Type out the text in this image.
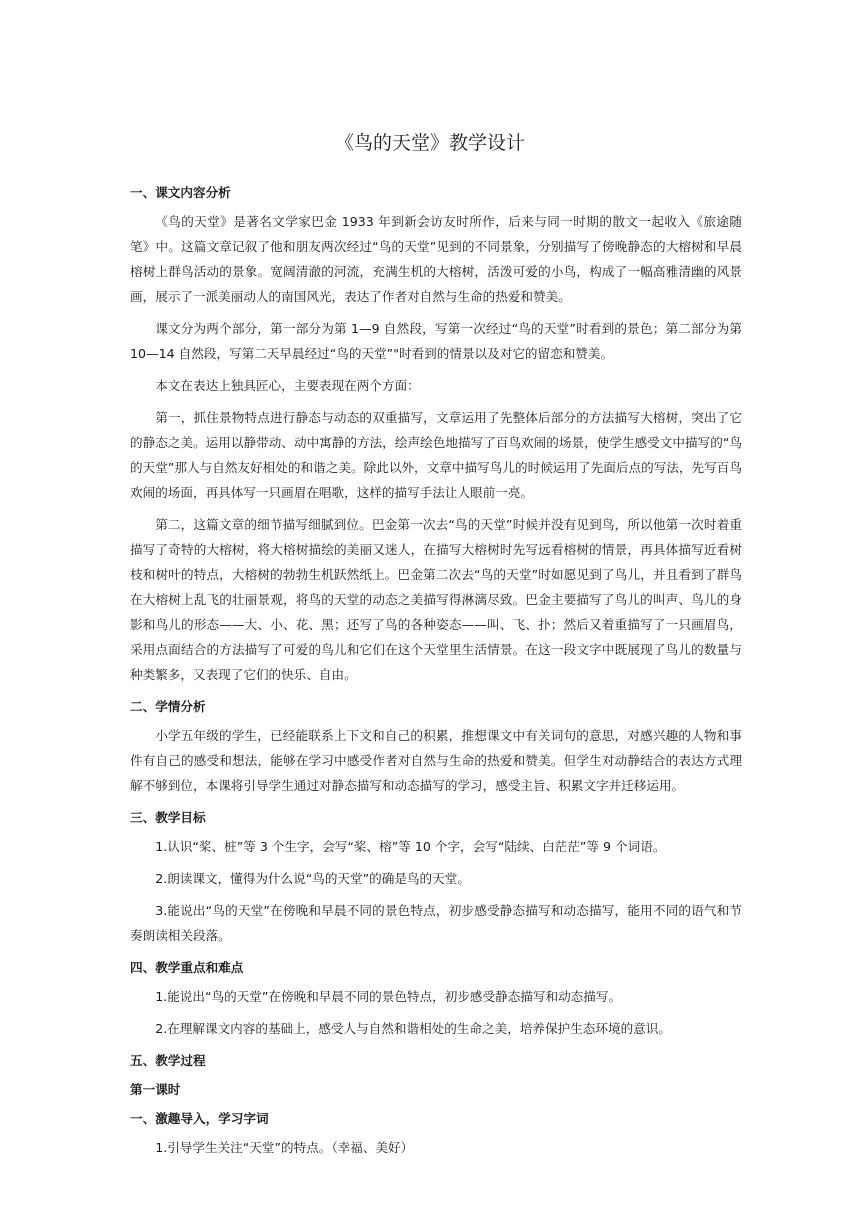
《鸟的天堂》教学设计

一、课文内容分析

《鸟的天堂》是著名文学家巴金 1933 年到新会访友时所作，后来与同一时期的散文一起收入《旅途随笔》中。这篇文章记叙了他和朋友两次经过“鸟的天堂”见到的不同景象，分别描写了傍晚静态的大榕树和早晨榕树上群鸟活动的景象。宽阔清澈的河流，充满生机的大榕树，活泼可爱的小鸟，构成了一幅高雅清幽的风景画，展示了一派美丽动人的南国风光，表达了作者对自然与生命的热爱和赞美。

课文分为两个部分，第一部分为第 1—9 自然段，写第一次经过“鸟的天堂”时看到的景色；第二部分为第 10—14 自然段，写第二天早晨经过“鸟的天堂”"时看到的情景以及对它的留恋和赞美。

本文在表达上独具匠心，主要表现在两个方面：

第一，抓住景物特点进行静态与动态的双重描写，文章运用了先整体后部分的方法描写大榕树，突出了它的静态之美。运用以静带动、动中寓静的方法，绘声绘色地描写了百鸟欢闹的场景，使学生感受文中描写的“鸟的天堂”那人与自然友好相处的和谐之美。除此以外，文章中描写鸟儿的时候运用了先面后点的写法，先写百鸟欢闹的场面，再具体写一只画眉在唱歌，这样的描写手法让人眼前一亮。

第二，这篇文章的细节描写细腻到位。巴金第一次去“鸟的天堂”时候并没有见到鸟，所以他第一次时着重描写了奇特的大榕树，将大榕树描绘的美丽又迷人，在描写大榕树时先写远看榕树的情景，再具体描写近看树枝和树叶的特点，大榕树的勃勃生机跃然纸上。巴金第二次去“鸟的天堂”时如愿见到了鸟儿，并且看到了群鸟在大榕树上乱飞的壮丽景观，将鸟的天堂的动态之美描写得淋漓尽致。巴金主要描写了鸟儿的叫声、鸟儿的身影和鸟儿的形态——大、小、花、黑；还写了鸟的各种姿态——叫、飞、扑；然后又着重描写了一只画眉鸟，采用点面结合的方法描写了可爱的鸟儿和它们在这个天堂里生活情景。在这一段文字中既展现了鸟儿的数量与种类繁多，又表现了它们的快乐、自由。

二、学情分析

小学五年级的学生，已经能联系上下文和自己的积累，推想课文中有关词句的意思，对感兴趣的人物和事件有自己的感受和想法，能够在学习中感受作者对自然与生命的热爱和赞美。但学生对动静结合的表达方式理解不够到位，本课将引导学生通过对静态描写和动态描写的学习，感受主旨、积累文字并迁移运用。

三、教学目标

1.认识“桨、桩”等 3 个生字，会写“桨、榕”等 10 个字，会写“陆续、白茫茫”等 9 个词语。

2.朗读课文，懂得为什么说“鸟的天堂”的确是鸟的天堂。

3.能说出“鸟的天堂”在傍晚和早晨不同的景色特点，初步感受静态描写和动态描写，能用不同的语气和节奏朗读相关段落。

四、教学重点和难点

1.能说出“鸟的天堂”在傍晚和早晨不同的景色特点，初步感受静态描写和动态描写。

2.在理解课文内容的基础上，感受人与自然和谐相处的生命之美，培养保护生态环境的意识。

五、教学过程

第一课时

一、激趣导入，学习字词

1.引导学生关注“天堂”的特点。（幸福、美好）
